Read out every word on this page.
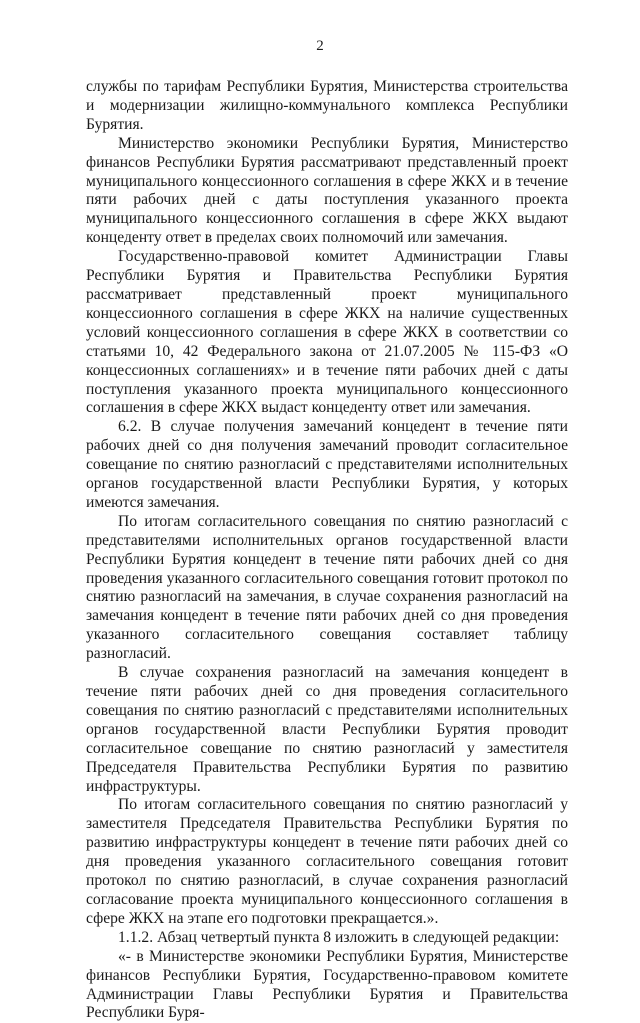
2

службы по тарифам Республики Бурятия, Министерства строительства и модернизации жилищно-коммунального комплекса Республики Бурятия.

Министерство экономики Республики Бурятия, Министерство финансов Республики Бурятия рассматривают представленный проект муниципального концессионного соглашения в сфере ЖКХ и в течение пяти рабочих дней с даты поступления указанного проекта муниципального концессионного соглашения в сфере ЖКХ выдают концеденту ответ в пределах своих полномочий или замечания.

Государственно-правовой комитет Администрации Главы Республики Бурятия и Правительства Республики Бурятия рассматривает представленный проект муниципального концессионного соглашения в сфере ЖКХ на наличие существенных условий концессионного соглашения в сфере ЖКХ в соответствии со статьями 10, 42 Федерального закона от 21.07.2005 № 115-ФЗ «О концессионных соглашениях» и в течение пяти рабочих дней с даты поступления указанного проекта муниципального концессионного соглашения в сфере ЖКХ выдаст концеденту ответ или замечания.

6.2. В случае получения замечаний концедент в течение пяти рабочих дней со дня получения замечаний проводит согласительное совещание по снятию разногласий с представителями исполнительных органов государственной власти Республики Бурятия, у которых имеются замечания.

По итогам согласительного совещания по снятию разногласий с представителями исполнительных органов государственной власти Республики Бурятия концедент в течение пяти рабочих дней со дня проведения указанного согласительного совещания готовит протокол по снятию разногласий на замечания, в случае сохранения разногласий на замечания концедент в течение пяти рабочих дней со дня проведения указанного согласительного совещания составляет таблицу разногласий.

В случае сохранения разногласий на замечания концедент в течение пяти рабочих дней со дня проведения согласительного совещания по снятию разногласий с представителями исполнительных органов государственной власти Республики Бурятия проводит согласительное совещание по снятию разногласий у заместителя Председателя Правительства Республики Бурятия по развитию инфраструктуры.

По итогам согласительного совещания по снятию разногласий у заместителя Председателя Правительства Республики Бурятия по развитию инфраструктуры концедент в течение пяти рабочих дней со дня проведения указанного согласительного совещания готовит протокол по снятию разногласий, в случае сохранения разногласий согласование проекта муниципального концессионного соглашения в сфере ЖКХ на этапе его подготовки прекращается.».

1.1.2. Абзац четвертый пункта 8 изложить в следующей редакции:

«- в Министерстве экономики Республики Бурятия, Министерстве финансов Республики Бурятия, Государственно-правовом комитете Администрации Главы Республики Бурятия и Правительства Республики Буря-
